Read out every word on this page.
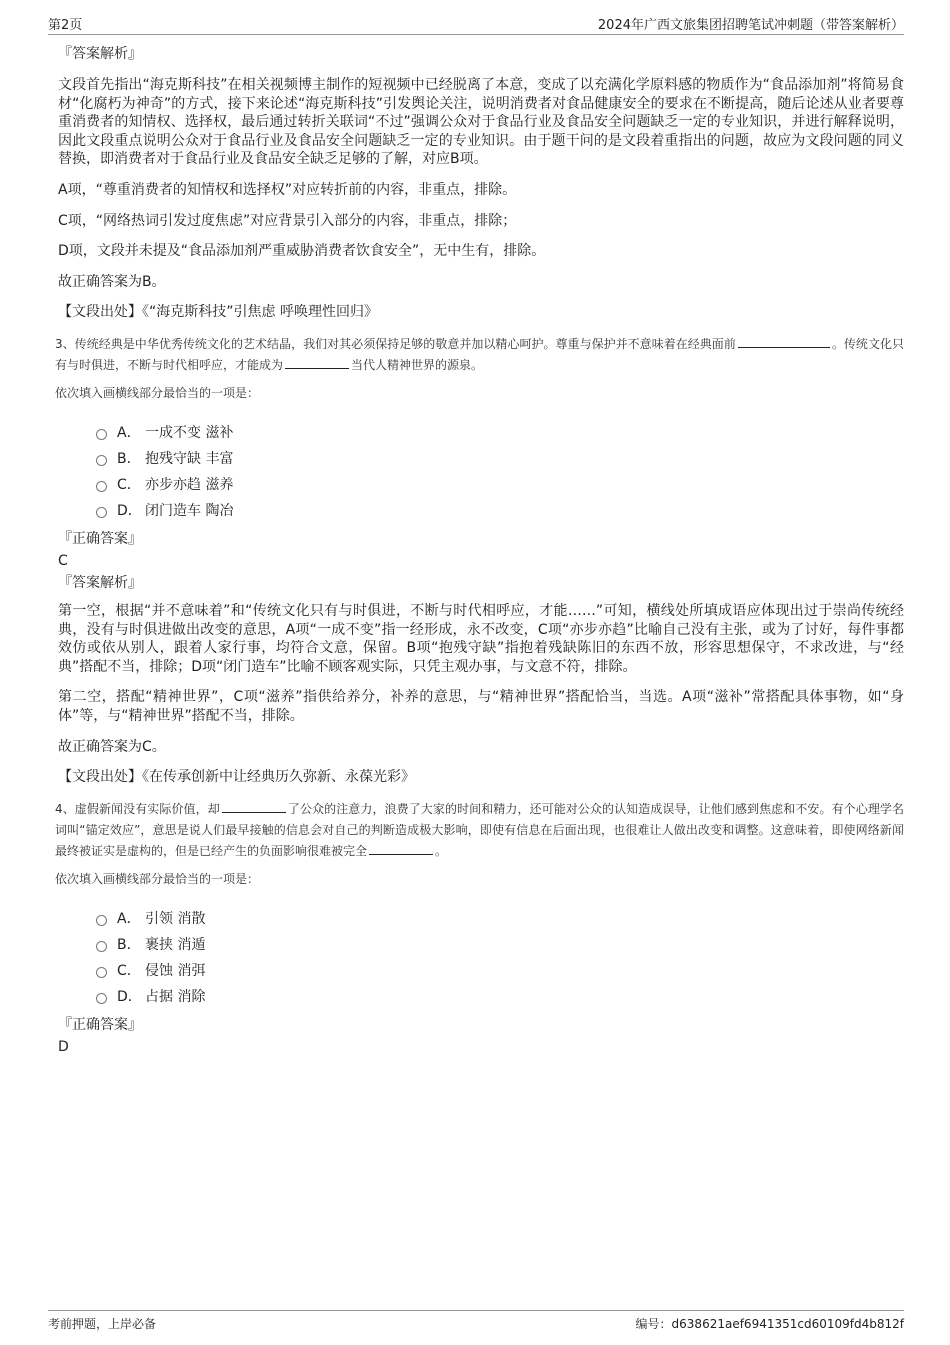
第2页	2024年广西文旅集团招聘笔试冲刺题（带答案解析）
『答案解析』

文段首先指出“海克斯科技”在相关视频博主制作的短视频中已经脱离了本意，变成了以充满化学原料感的物质作为“食品添加剂”将简易食材“化腐朽为神奇”的方式，接下来论述“海克斯科技”引发舆论关注，说明消费者对食品健康安全的要求在不断提高，随后论述从业者要尊重消费者的知情权、选择权，最后通过转折关联词“不过”强调公众对于食品行业及食品安全问题缺乏一定的专业知识，并进行解释说明，因此文段重点说明公众对于食品行业及食品安全问题缺乏一定的专业知识。由于题干问的是文段着重指出的问题，故应为文段问题的同义替换，即消费者对于食品行业及食品安全缺乏足够的了解，对应B项。

A项，“尊重消费者的知情权和选择权”对应转折前的内容，非重点，排除。

C项，“网络热词引发过度焦虑”对应背景引入部分的内容，非重点，排除；

D项，文段并未提及“食品添加剂严重威胁消费者饮食安全”，无中生有，排除。

故正确答案为B。

【文段出处】《“海克斯科技”引焦虑 呼唤理性回归》

3、传统经典是中华优秀传统文化的艺术结晶，我们对其必须保持足够的敬意并加以精心呵护。尊重与保护并不意味着在经典面前	。传统文化只有与时俱进，不断与时代相呼应，才能成为	当代人精神世界的源泉。

依次填入画横线部分最恰当的一项是：

A． 一成不变 滋补
B． 抱残守缺 丰富
C． 亦步亦趋 滋养
D． 闭门造车 陶冶
『正确答案』
C
『答案解析』

第一空，根据“并不意味着”和“传统文化只有与时俱进，不断与时代相呼应，才能……”可知，横线处所填成语应体现出过于崇尚传统经典，没有与时俱进做出改变的意思，A项“一成不变”指一经形成，永不改变，C项“亦步亦趋”比喻自己没有主张，或为了讨好，每件事都效仿或依从别人，跟着人家行事，均符合文意，保留。B项“抱残守缺”指抱着残缺陈旧的东西不放，形容思想保守，不求改进，与“经典”搭配不当，排除；D项“闭门造车”比喻不顾客观实际，只凭主观办事，与文意不符，排除。

第二空，搭配“精神世界”，C项“滋养”指供给养分，补养的意思，与“精神世界”搭配恰当，当选。A项“滋补”常搭配具体事物，如“身体”等，与“精神世界”搭配不当，排除。

故正确答案为C。

【文段出处】《在传承创新中让经典历久弥新、永葆光彩》

4、虚假新闻没有实际价值，却	了公众的注意力，浪费了大家的时间和精力，还可能对公众的认知造成误导，让他们感到焦虑和不安。有个心理学名词叫“锚定效应”，意思是说人们最早接触的信息会对自己的判断造成极大影响，即使有信息在后面出现，也很难让人做出改变和调整。这意味着，即使网络新闻最终被证实是虚构的，但是已经产生的负面影响很难被完全	。

依次填入画横线部分最恰当的一项是：

A． 引领 消散
B． 裹挟 消遁
C． 侵蚀 消弭
D． 占据 消除
『正确答案』
D
考前押题，上岸必备	编号：d638621aef6941351cd60109fd4b812f
